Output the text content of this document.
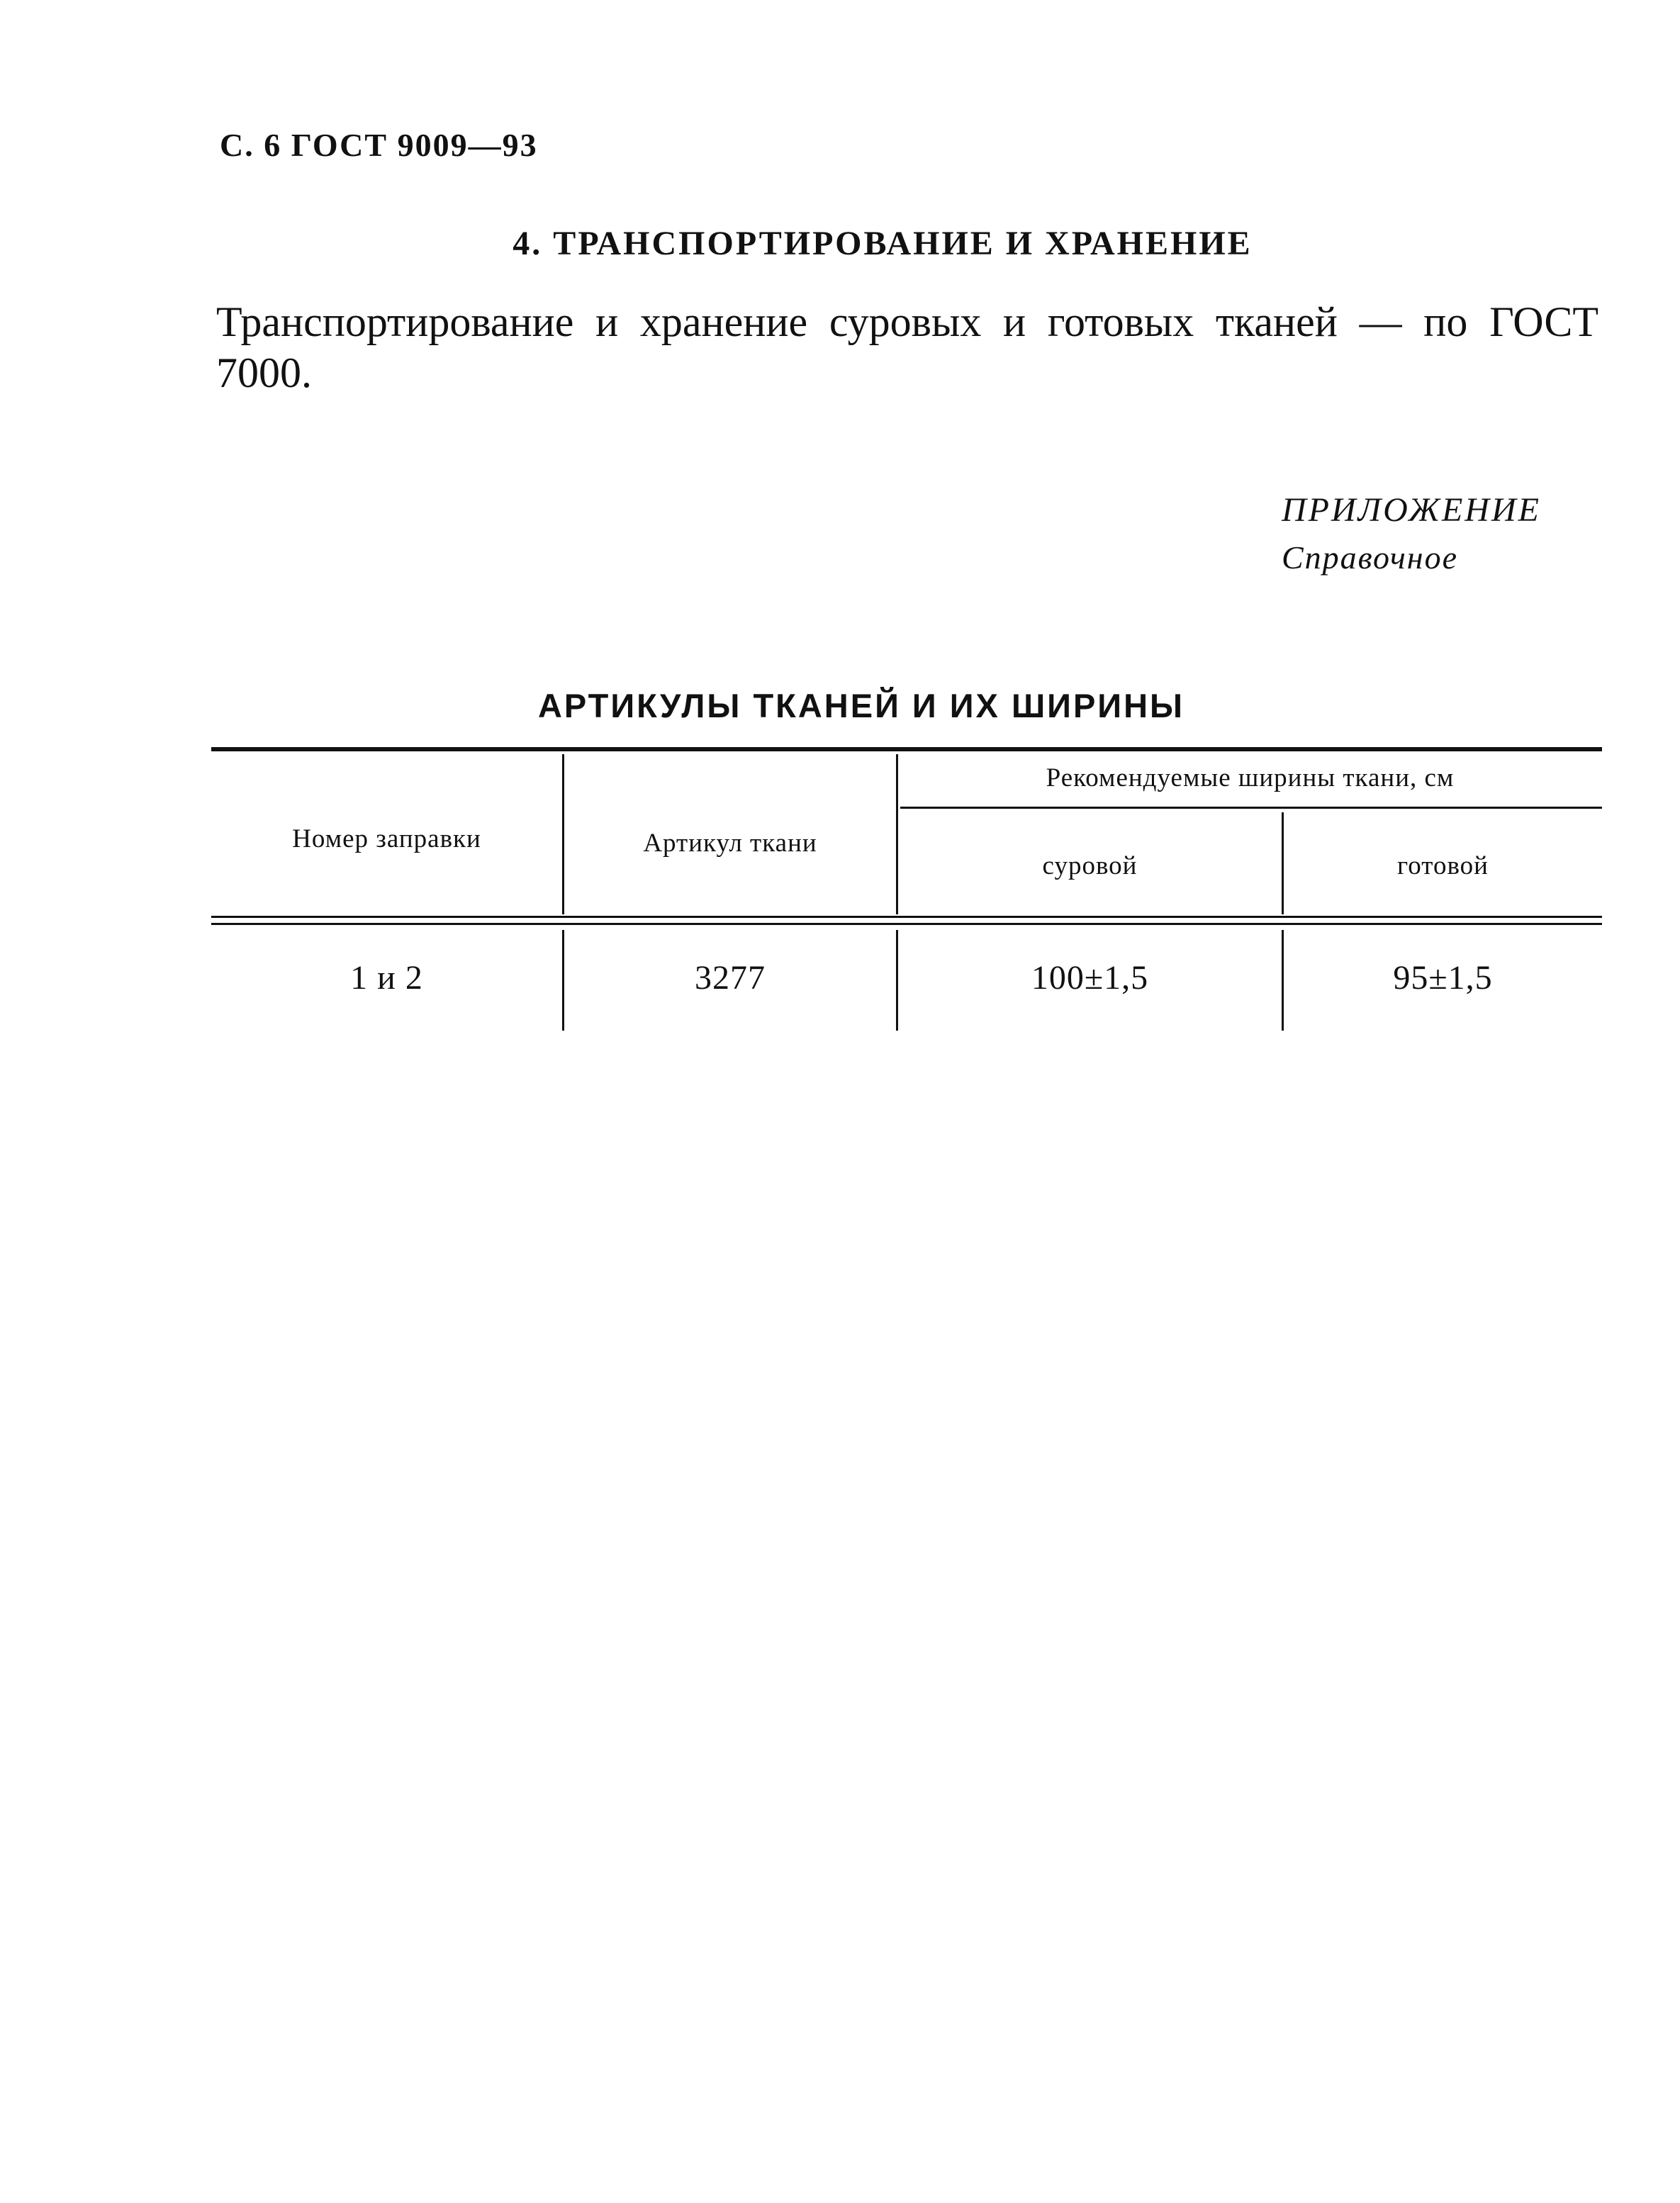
С. 6 ГОСТ 9009—93
4. ТРАНСПОРТИРОВАНИЕ И ХРАНЕНИЕ
Транспортирование и хранение суровых и готовых тканей — по ГОСТ 7000.
ПРИЛОЖЕНИЕ
Справочное
АРТИКУЛЫ ТКАНЕЙ И ИХ ШИРИНЫ
Номер заправки	Артикул ткани
Рекомендуемые ширины ткани, см
суровой	готовой
1 и 2	3277	100±1,5	95±1,5
